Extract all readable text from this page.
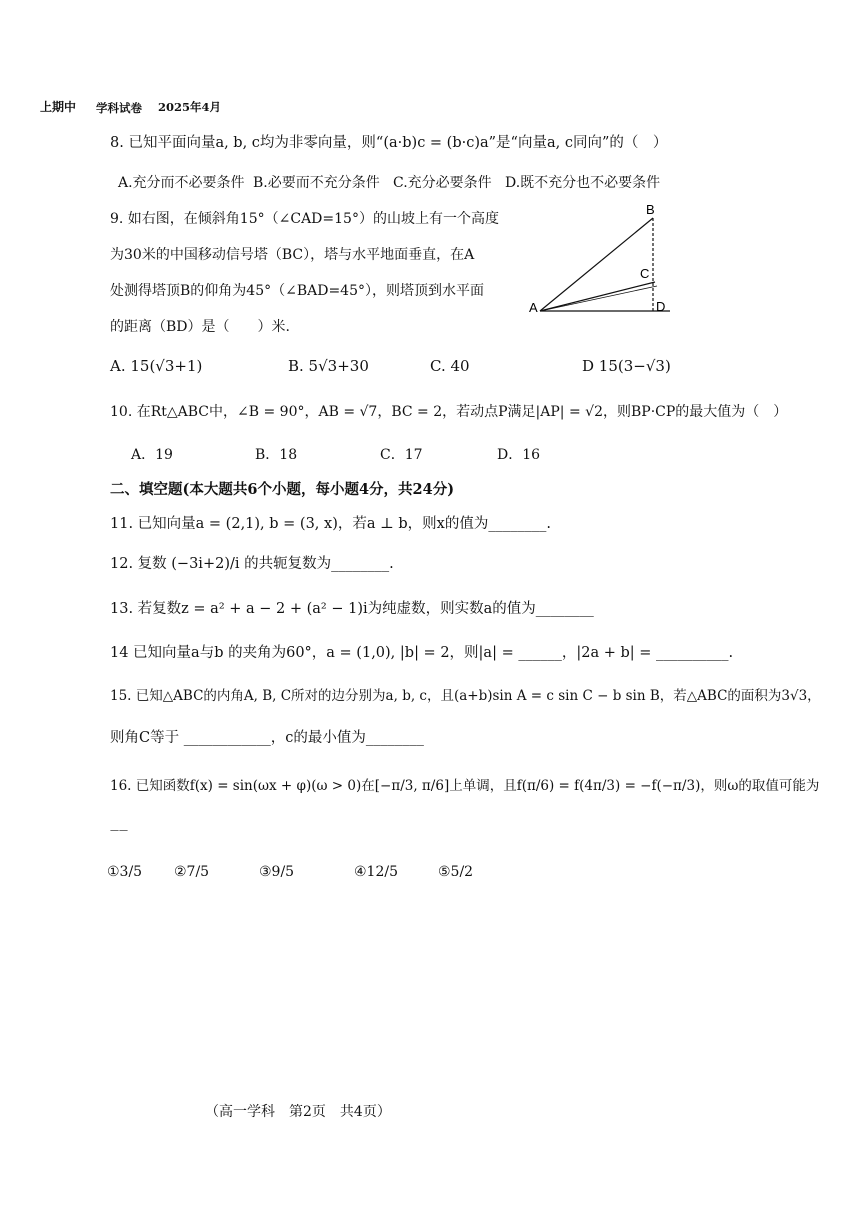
上期中 学科试卷 2025年4月
8. 已知平面向量a, b, c均为非零向量，则“(a·b)c = (b·c)a”是“向量a, c同向”的（　）
A.充分而不必要条件 B.必要而不充分条件 C.充分必要条件 D.既不充分也不必要条件
9. 如右图，在倾斜角15°（∠CAD=15°）的山坡上有一个高度
为30米的中国移动信号塔（BC），塔与水平地面垂直，在A
处测得塔顶B的仰角为45°（∠BAD=45°），则塔顶到水平面
的距离（BD）是（　　）米.
B
C
A	D
A. 15(√3+1)	B. 5√3+30	C. 40	D 15(3−√3)
10. 在Rt△ABC中，∠B = 90°，AB = √7，BC = 2，若动点P满足|AP| = √2，则BP·CP的最大值为（　）
A．19	B．18	C．17	D．16
二、填空题(本大题共6个小题，每小题4分，共24分)
11. 已知向量a = (2,1), b = (3, x)，若a ⊥ b，则x的值为________.
12. 复数 (−3i+2)/i 的共轭复数为________.
13. 若复数z = a² + a − 2 + (a² − 1)i为纯虚数，则实数a的值为________
14 已知向量a与b 的夹角为60°，a = (1,0), |b| = 2，则|a| = ______，|2a + b| = __________.
15. 已知△ABC的内角A, B, C所对的边分别为a, b, c，且(a+b)sin A = c sin C − b sin B，若△ABC的面积为3√3，
则角C等于 ____________，c的最小值为________
16. 已知函数f(x) = sin(ωx + φ)(ω > 0)在[−π/3, π/6]上单调，且f(π/6) = f(4π/3) = −f(−π/3)，则ω的取值可能为
——
①3/5 ②7/5	③9/5	④12/5	⑤5/2
（高一学科　第2页　共4页）
